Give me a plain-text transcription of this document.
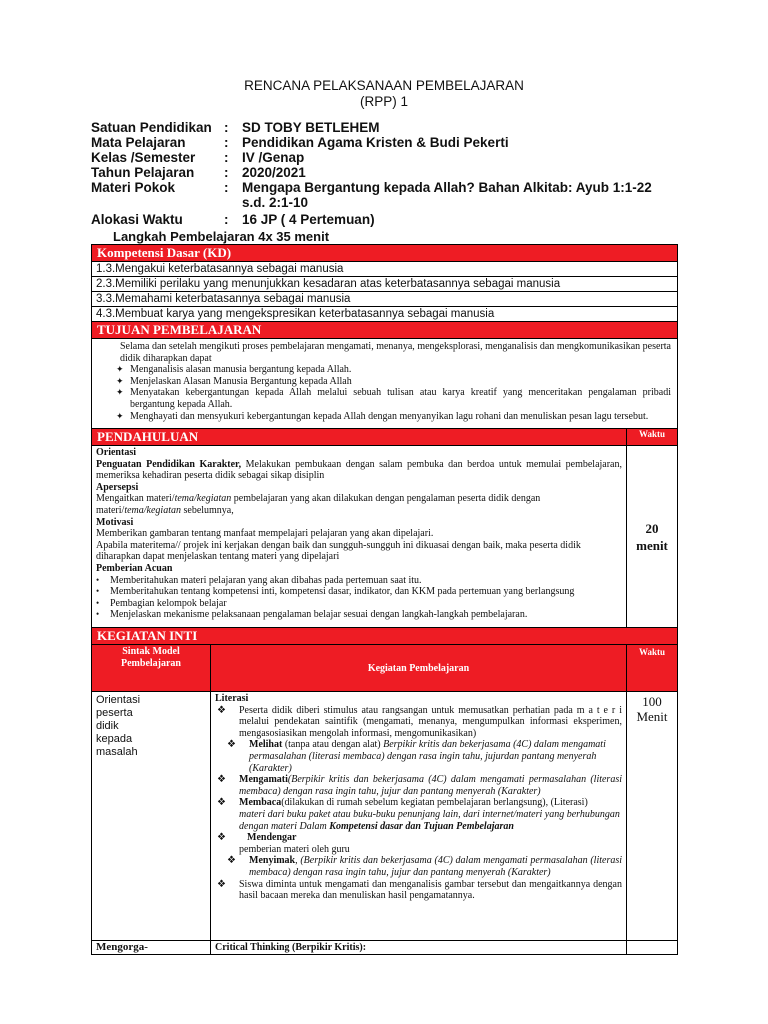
RENCANA PELAKSANAAN PEMBELAJARAN
(RPP) 1
Satuan Pendidikan : SD TOBY BETLEHEM
Mata Pelajaran	: Pendidikan Agama Kristen & Budi Pekerti
Kelas /Semester : IV /Genap
Tahun Pelajaran : 2020/2021
Materi Pokok	: Mengapa Bergantung kepada Allah? Bahan Alkitab: Ayub 1:1-22
s.d. 2:1-10
Alokasi Waktu	: 16 JP ( 4 Pertemuan)
Langkah Pembelajaran 4x 35 menit
Kompetensi Dasar (KD)
1.3.Mengakui keterbatasannya sebagai manusia
2.3.Memiliki perilaku yang menunjukkan kesadaran atas keterbatasannya sebagai manusia
3.3.Memahami keterbatasannya sebagai manusia
4.3.Membuat karya yang mengekspresikan keterbatasannya sebagai manusia
TUJUAN PEMBELAJARAN
Selama dan setelah mengikuti proses pembelajaran mengamati, menanya, mengeksplorasi, menganalisis dan mengkomunikasikan peserta didik diharapkan dapat
✦ Menganalisis alasan manusia bergantung kepada Allah.
✦ Menjelaskan Alasan Manusia Bergantung kepada Allah
✦ Menyatakan kebergantungan kepada Allah melalui sebuah tulisan atau karya kreatif yang menceritakan pengalaman pribadi bergantung kepada Allah.
✦ Menghayati dan mensyukuri kebergantungan kepada Allah dengan menyanyikan lagu rohani dan menuliskan pesan lagu tersebut.
PENDAHULUAN	Waktu
Orientasi
Penguatan Pendidikan Karakter, Melakukan pembukaan dengan salam pembuka dan berdoa untuk memulai pembelajaran, memeriksa kehadiran peserta didik sebagai sikap disiplin
Apersepsi
Mengaitkan materi/tema/kegiatan pembelajaran yang akan dilakukan dengan pengalaman peserta didik dengan materi/tema/kegiatan sebelumnya,
Motivasi
Memberikan gambaran tentang manfaat mempelajari pelajaran yang akan dipelajari.
Apabila materitema// projek ini kerjakan dengan baik dan sungguh-sungguh ini dikuasai dengan baik, maka peserta didik diharapkan dapat menjelaskan tentang materi yang dipelajari
Pemberian Acuan
• Memberitahukan materi pelajaran yang akan dibahas pada pertemuan saat itu.
• Memberitahukan tentang kompetensi inti, kompetensi dasar, indikator, dan KKM pada pertemuan yang berlangsung
• Pembagian kelompok belajar
• Menjelaskan mekanisme pelaksanaan pengalaman belajar sesuai dengan langkah-langkah pembelajaran.
20
menit
KEGIATAN INTI
Sintak Model Pembelajaran	Kegiatan Pembelajaran
Waktu
Orientasi peserta didik kepada masalah
Literasi
❖ Peserta didik diberi stimulus atau rangsangan untuk memusatkan perhatian pada m a t e r i melalui pendekatan saintifik (mengamati, menanya, mengumpulkan informasi eksperimen, mengasosiasikan mengolah informasi, mengomunikasikan)
❖ Melihat (tanpa atau dengan alat) Berpikir kritis dan bekerjasama (4C) dalam mengamati permasalahan (literasi membaca) dengan rasa ingin tahu, jujurdan pantang menyerah (Karakter)
❖ Mengamati(Berpikir kritis dan bekerjasama (4C) dalam mengamati permasalahan (literasi membaca) dengan rasa ingin tahu, jujur dan pantang menyerah (Karakter)
❖ Membaca(dilakukan di rumah sebelum kegiatan pembelajaran berlangsung), (Literasi)
materi dari buku paket atau buku-buku penunjang lain, dari internet/materi yang berhubungan dengan materi Dalam Kompetensi dasar dan Tujuan Pembelajaran
❖ Mendengar
pemberian materi oleh guru
❖ Menyimak, (Berpikir kritis dan bekerjasama (4C) dalam mengamati permasalahan (literasi membaca) dengan rasa ingin tahu, jujur dan pantang menyerah (Karakter)
❖ Siswa diminta untuk mengamati dan menganalisis gambar tersebut dan mengaitkannya dengan hasil bacaan mereka dan menuliskan hasil pengamatannya.
100
Menit
Mengorga-	Critical Thinking (Berpikir Kritis):
